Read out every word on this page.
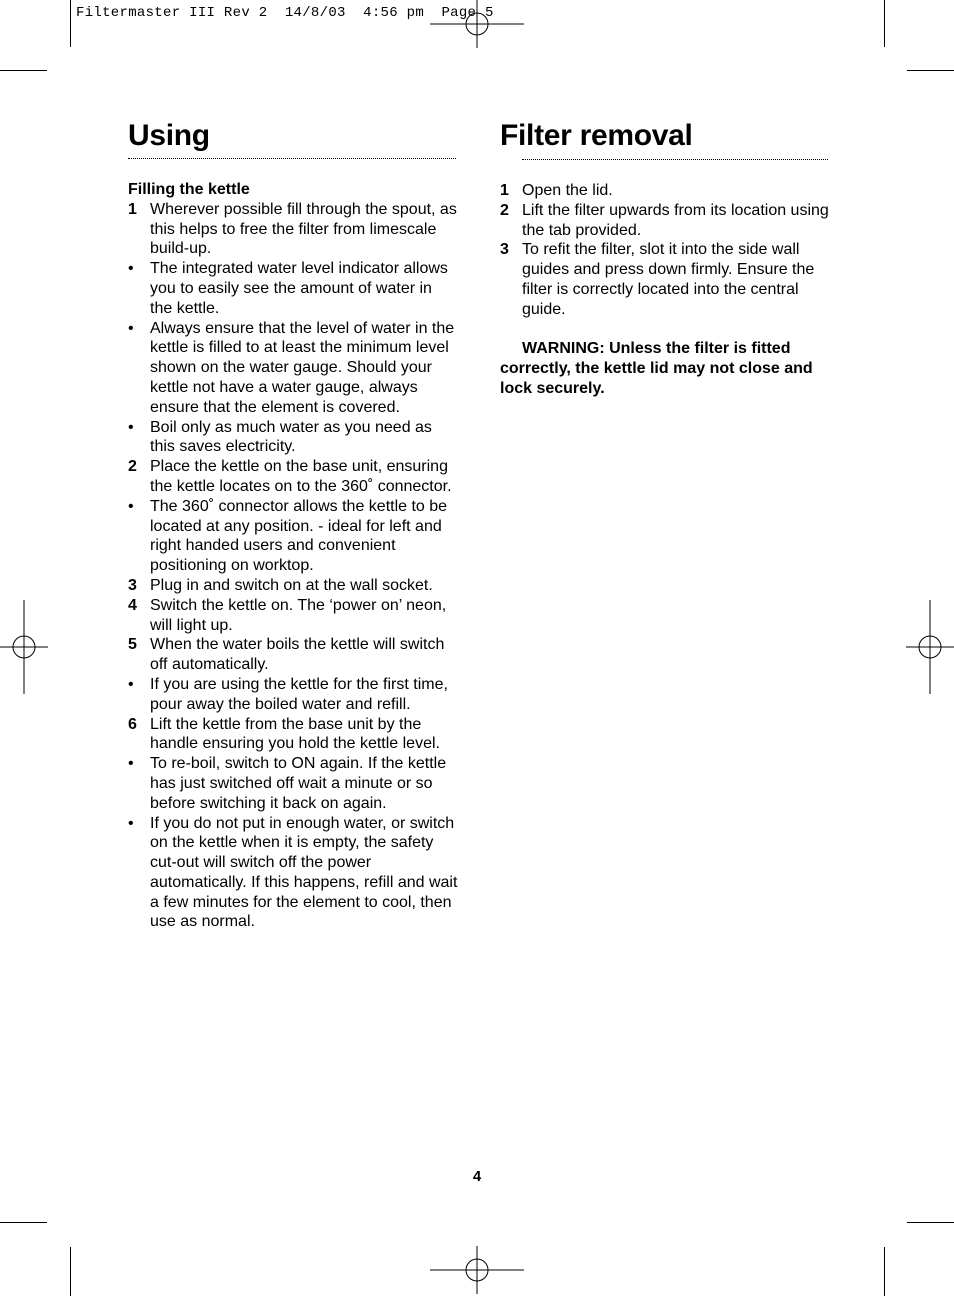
Filtermaster III Rev 2  14/8/03  4:56 pm  Page 5
Using
Filling the kettle
1 Wherever possible fill through the spout, as this helps to free the filter from limescale build-up.
•	The integrated water level indicator allows you to easily see the amount of water in the kettle.
•	Always ensure that the level of water in the kettle is filled to at least the minimum level shown on the water gauge. Should your kettle not have a water gauge, always ensure that the element is covered.
•	Boil only as much water as you need as this saves electricity.
2 Place the kettle on the base unit, ensuring the kettle locates on to the 360˚ connector.
•	The 360˚ connector allows the kettle to be located at any position. - ideal for left and right handed users and convenient positioning on worktop.
3 Plug in and switch on at the wall socket.
4 Switch the kettle on. The ‘power on’ neon, will light up.
5 When the water boils the kettle will switch off automatically.
•	If you are using the kettle for the first time, pour away the boiled water and refill.
6 Lift the kettle from the base unit by the handle ensuring you hold the kettle level.
•	To re-boil, switch to ON again. If the kettle has just switched off wait a minute or so before switching it back on again.
•	If you do not put in enough water, or switch on the kettle when it is empty, the safety cut-out will switch off the power automatically. If this happens, refill and wait a few minutes for the element to cool, then use as normal.
Filter removal
1 Open the lid.
2 Lift the filter upwards from its location using the tab provided.
3 To refit the filter, slot it into the side wall guides and press down firmly. Ensure the filter is correctly located into the central guide.
WARNING: Unless the filter is fitted correctly, the kettle lid may not close and lock securely.
4
